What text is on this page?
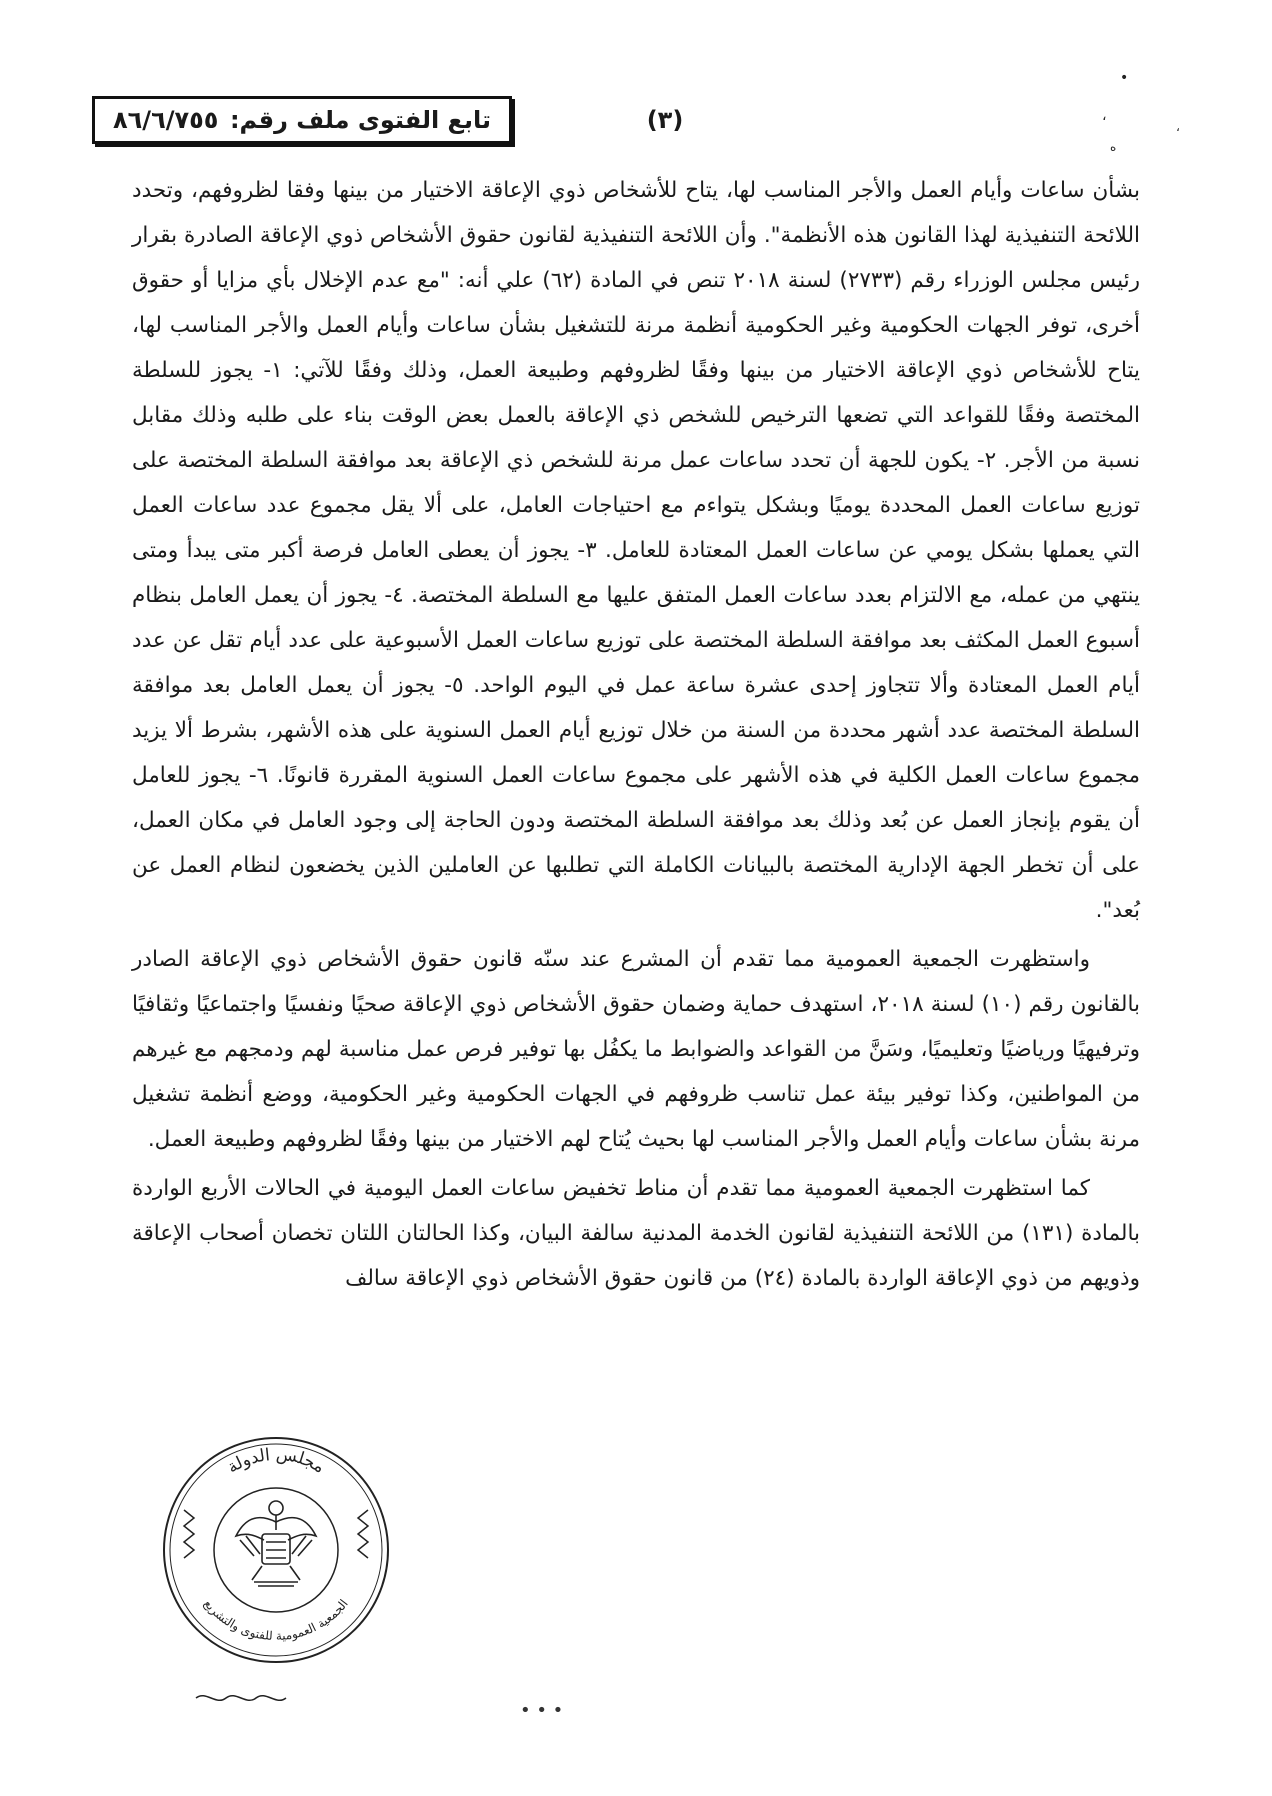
تابع الفتوى ملف رقم:
٨٦/٦/٧٥٥	(٣)
•
،
ه
،

بشأن ساعات وأيام العمل والأجر المناسب لها، يتاح للأشخاص ذوي الإعاقة الاختيار من بينها وفقا لظروفهم، وتحدد اللائحة التنفيذية لهذا القانون هذه الأنظمة". وأن اللائحة التنفيذية لقانون حقوق الأشخاص ذوي الإعاقة الصادرة بقرار رئيس مجلس الوزراء رقم (٢٧٣٣) لسنة ٢٠١٨ تنص في المادة (٦٢) علي أنه: "مع عدم الإخلال بأي مزايا أو حقوق أخرى، توفر الجهات الحكومية وغير الحكومية أنظمة مرنة للتشغيل بشأن ساعات وأيام العمل والأجر المناسب لها، يتاح للأشخاص ذوي الإعاقة الاختيار من بينها وفقًا لظروفهم وطبيعة العمل، وذلك وفقًا للآتي: ١- يجوز للسلطة المختصة وفقًا للقواعد التي تضعها الترخيص للشخص ذي الإعاقة بالعمل بعض الوقت بناء على طلبه وذلك مقابل نسبة من الأجر. ٢- يكون للجهة أن تحدد ساعات عمل مرنة للشخص ذي الإعاقة بعد موافقة السلطة المختصة على توزيع ساعات العمل المحددة يوميًا وبشكل يتواءم مع احتياجات العامل، على ألا يقل مجموع عدد ساعات العمل التي يعملها بشكل يومي عن ساعات العمل المعتادة للعامل. ٣- يجوز أن يعطى العامل فرصة أكبر متى يبدأ ومتى ينتهي من عمله، مع الالتزام بعدد ساعات العمل المتفق عليها مع السلطة المختصة. ٤- يجوز أن يعمل العامل بنظام أسبوع العمل المكثف بعد موافقة السلطة المختصة على توزيع ساعات العمل الأسبوعية على عدد أيام تقل عن عدد أيام العمل المعتادة وألا تتجاوز إحدى عشرة ساعة عمل في اليوم الواحد. ٥- يجوز أن يعمل العامل بعد موافقة السلطة المختصة عدد أشهر محددة من السنة من خلال توزيع أيام العمل السنوية على هذه الأشهر، بشرط ألا يزيد مجموع ساعات العمل الكلية في هذه الأشهر على مجموع ساعات العمل السنوية المقررة قانونًا. ٦- يجوز للعامل أن يقوم بإنجاز العمل عن بُعد وذلك بعد موافقة السلطة المختصة ودون الحاجة إلى وجود العامل في مكان العمل، على أن تخطر الجهة الإدارية المختصة بالبيانات الكاملة التي تطلبها عن العاملين الذين يخضعون لنظام العمل عن بُعد".

واستظهرت الجمعية العمومية مما تقدم أن المشرع عند سنّه قانون حقوق الأشخاص ذوي الإعاقة الصادر بالقانون رقم (١٠) لسنة ٢٠١٨، استهدف حماية وضمان حقوق الأشخاص ذوي الإعاقة صحيًا ونفسيًا واجتماعيًا وثقافيًا وترفيهيًا ورياضيًا وتعليميًا، وسَنَّ من القواعد والضوابط ما يكفُل بها توفير فرص عمل مناسبة لهم ودمجهم مع غيرهم من المواطنين، وكذا توفير بيئة عمل تناسب ظروفهم في الجهات الحكومية وغير الحكومية، ووضع أنظمة تشغيل مرنة بشأن ساعات وأيام العمل والأجر المناسب لها بحيث يُتاح لهم الاختيار من بينها وفقًا لظروفهم وطبيعة العمل.

كما استظهرت الجمعية العمومية مما تقدم أن مناط تخفيض ساعات العمل اليومية في الحالات الأربع الواردة بالمادة (١٣١) من اللائحة التنفيذية لقانون الخدمة المدنية سالفة البيان، وكذا الحالتان اللتان تخصان أصحاب الإعاقة وذويهم من ذوي الإعاقة الواردة بالمادة (٢٤) من قانون حقوق الأشخاص ذوي الإعاقة سالف

• • •
مجلس الدولة
الجمعية العمومية للفتوى والتشريع
